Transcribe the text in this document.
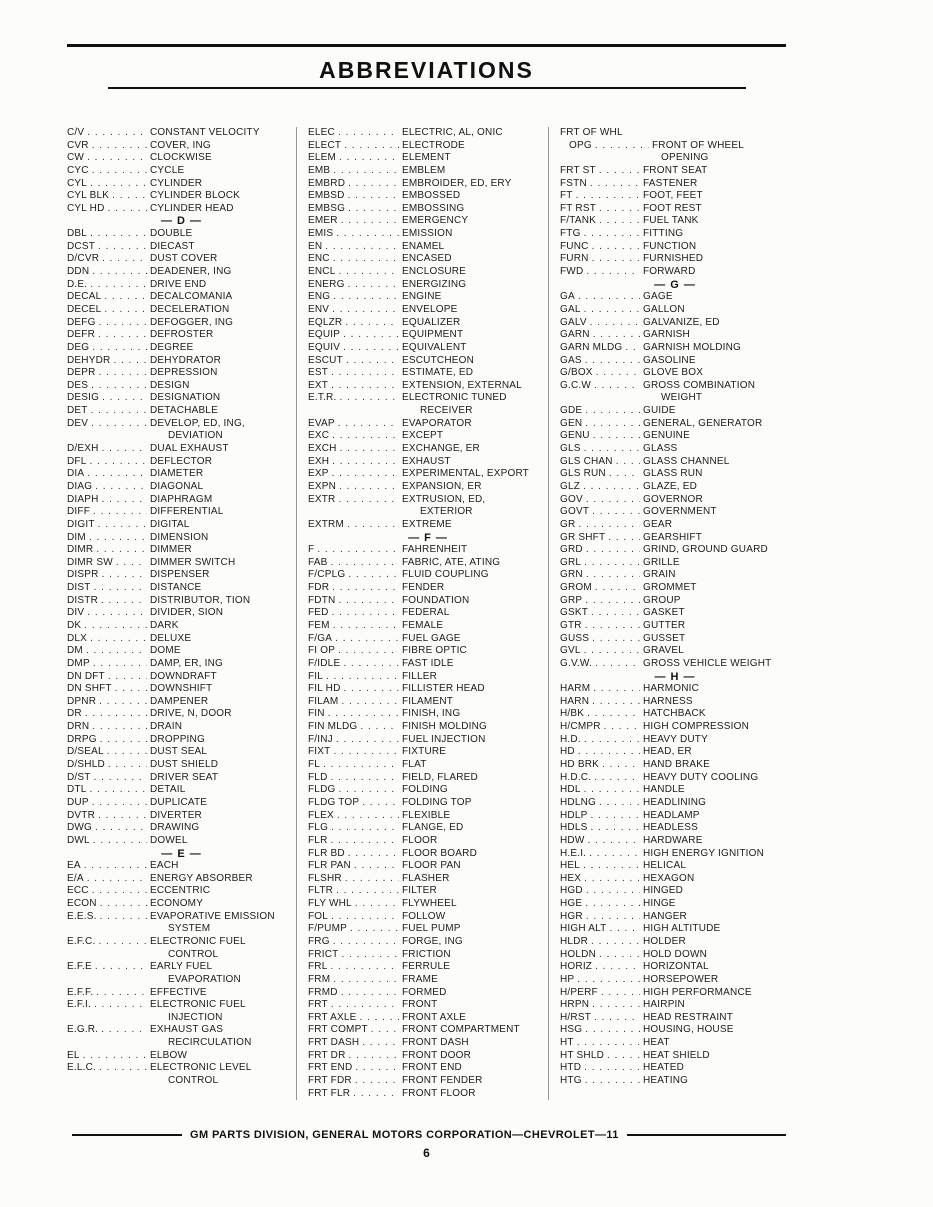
ABBREVIATIONS
C/V . . .	CONSTANT VELOCITY
CVR . . .	COVER, ING
CW . . .	CLOCKWISE
CYC . . .	CYCLE
CYL . . .	CYLINDER
CYL BLK . . .	CYLINDER BLOCK
CYL HD . . .	CYLINDER HEAD
— D —
DBL . . .	DOUBLE
DCST . . .	DIECAST
D/CVR . . .	DUST COVER
DDN . . .	DEADENER, ING
D.E. . . .	DRIVE END
DECAL . . .	DECALCOMANIA
DECEL . . .	DECELERATION
DEFG . . .	DEFOGGER, ING
DEFR . . .	DEFROSTER
DEG . . .	DEGREE
DEHYDR . . .	DEHYDRATOR
DEPR . . .	DEPRESSION
DES . . .	DESIGN
DESIG . . .	DESIGNATION
DET . . .	DETACHABLE
DEV . . .	DEVELOP, ED, ING,
DEVIATION
D/EXH . . .	DUAL EXHAUST
DFL . . .	DEFLECTOR
DIA . . .	DIAMETER
DIAG . . .	DIAGONAL
DIAPH . . .	DIAPHRAGM
DIFF . . .	DIFFERENTIAL
DIGIT . . .	DIGITAL
DIM . . .	DIMENSION
DIMR . . .	DIMMER
DIMR SW . . .	DIMMER SWITCH
DISPR . . .	DISPENSER
DIST . . .	DISTANCE
DISTR . . .	DISTRIBUTOR, TION
DIV . . .	DIVIDER, SION
DK . . .	DARK
DLX . . .	DELUXE
DM . . .	DOME
DMP . . .	DAMP, ER, ING
DN DFT . . .	DOWNDRAFT
DN SHFT . . .	DOWNSHIFT
DPNR . . .	DAMPENER
DR . . .	DRIVE, N, DOOR
DRN . . .	DRAIN
DRPG . . .	DROPPING
D/SEAL . . .	DUST SEAL
D/SHLD . . .	DUST SHIELD
D/ST . . .	DRIVER SEAT
DTL . . .	DETAIL
DUP . . .	DUPLICATE
DVTR . . .	DIVERTER
DWG . . .	DRAWING
DWL . . .	DOWEL
— E —
EA . . .	EACH
E/A . . .	ENERGY ABSORBER
ECC . . .	ECCENTRIC
ECON . . .	ECONOMY
E.E.S. . . .	EVAPORATIVE EMISSION
SYSTEM
E.F.C. . . .	ELECTRONIC FUEL
CONTROL
E.F.E . . .	EARLY FUEL
EVAPORATION
E.F.F. . . .	EFFECTIVE
E.F.I. . . .	ELECTRONIC FUEL
INJECTION
E.G.R. . . .	EXHAUST GAS
RECIRCULATION
EL . . .	ELBOW
E.L.C. . . .	ELECTRONIC LEVEL
CONTROL
ELEC . . .	ELECTRIC, AL, ONIC
ELECT . . .	ELECTRODE
ELEM . . .	ELEMENT
EMB . . .	EMBLEM
EMBRD . . .	EMBROIDER, ED, ERY
EMBSD . . .	EMBOSSED
EMBSG . . .	EMBOSSING
EMER . . .	EMERGENCY
EMIS . . .	EMISSION
EN . . .	ENAMEL
ENC . . .	ENCASED
ENCL . . .	ENCLOSURE
ENERG . . .	ENERGIZING
ENG . . .	ENGINE
ENV . . .	ENVELOPE
EQLZR . . .	EQUALIZER
EQUIP . . .	EQUIPMENT
EQUIV . . .	EQUIVALENT
ESCUT . . .	ESCUTCHEON
EST . . .	ESTIMATE, ED
EXT . . .	EXTENSION, EXTERNAL
E.T.R. . . .	ELECTRONIC TUNED
RECEIVER
EVAP . . .	EVAPORATOR
EXC . . .	EXCEPT
EXCH . . .	EXCHANGE, ER
EXH . . .	EXHAUST
EXP . . .	EXPERIMENTAL, EXPORT
EXPN . . .	EXPANSION, ER
EXTR . . .	EXTRUSION, ED,
EXTERIOR
EXTRM . . .	EXTREME
— F —
F . . .	FAHRENHEIT
FAB . . .	FABRIC, ATE, ATING
F/CPLG . . .	FLUID COUPLING
FDR . . .	FENDER
FDTN . . .	FOUNDATION
FED . . .	FEDERAL
FEM . . .	FEMALE
F/GA . . .	FUEL GAGE
FI OP . . .	FIBRE OPTIC
F/IDLE . . .	FAST IDLE
FIL . . .	FILLER
FIL HD . . .	FILLISTER HEAD
FILAM . . .	FILAMENT
FIN . . .	FINISH, ING
FIN MLDG . . .	FINISH MOLDING
F/INJ . . .	FUEL INJECTION
FIXT . . .	FIXTURE
FL . . .	FLAT
FLD . . .	FIELD, FLARED
FLDG . . .	FOLDING
FLDG TOP . . .	FOLDING TOP
FLEX . . .	FLEXIBLE
FLG . . .	FLANGE, ED
FLR . . .	FLOOR
FLR BD . . .	FLOOR BOARD
FLR PAN . . .	FLOOR PAN
FLSHR . . .	FLASHER
FLTR . . .	FILTER
FLY WHL . . .	FLYWHEEL
FOL . . .	FOLLOW
F/PUMP . . .	FUEL PUMP
FRG . . .	FORGE, ING
FRICT . . .	FRICTION
FRL . . .	FERRULE
FRM . . .	FRAME
FRMD . . .	FORMED
FRT . . .	FRONT
FRT AXLE . . .	FRONT AXLE
FRT COMPT . . .	FRONT COMPARTMENT
FRT DASH . . .	FRONT DASH
FRT DR . . .	FRONT DOOR
FRT END . . .	FRONT END
FRT FDR . . .	FRONT FENDER
FRT FLR . . .	FRONT FLOOR
FRT OF WHL
OPG . . .	FRONT OF WHEEL
OPENING
FRT ST . . .	FRONT SEAT
FSTN . . .	FASTENER
FT . . .	FOOT, FEET
FT RST . . .	FOOT REST
F/TANK . . .	FUEL TANK
FTG . . .	FITTING
FUNC . . .	FUNCTION
FURN . . .	FURNISHED
FWD . . .	FORWARD
— G —
GA . . .	GAGE
GAL . . .	GALLON
GALV . . .	GALVANIZE, ED
GARN . . .	GARNISH
GARN MLDG . . . GARNISH MOLDING
GAS . . .	GASOLINE
G/BOX . . .	GLOVE BOX
G.C.W . . .	GROSS COMBINATION
WEIGHT
GDE . . .	GUIDE
GEN . . .	GENERAL, GENERATOR
GENU . . .	GENUINE
GLS . . .	GLASS
GLS CHAN . . .	GLASS CHANNEL
GLS RUN . . .	GLASS RUN
GLZ . . .	GLAZE, ED
GOV . . .	GOVERNOR
GOVT . . .	GOVERNMENT
GR . . .	GEAR
GR SHFT . . .	GEARSHIFT
GRD . . .	GRIND, GROUND GUARD
GRL . . .	GRILLE
GRN . . .	GRAIN
GROM . . .	GROMMET
GRP . . .	GROUP
GSKT . . .	GASKET
GTR . . .	GUTTER
GUSS . . .	GUSSET
GVL . . .	GRAVEL
G.V.W. . . .	GROSS VEHICLE WEIGHT
— H —
HARM . . .	HARMONIC
HARN . . .	HARNESS
H/BK . . .	HATCHBACK
H/CMPR . . .	HIGH COMPRESSION
H.D. . . .	HEAVY DUTY
HD . . .	HEAD, ER
HD BRK . . .	HAND BRAKE
H.D.C. . . .	HEAVY DUTY COOLING
HDL . . .	HANDLE
HDLNG . . .	HEADLINING
HDLP . . .	HEADLAMP
HDLS . . .	HEADLESS
HDW . . .	HARDWARE
H.E.I. . . .	HIGH ENERGY IGNITION
HEL . . .	HELICAL
HEX . . .	HEXAGON
HGD . . .	HINGED
HGE . . .	HINGE
HGR . . .	HANGER
HIGH ALT . . .	HIGH ALTITUDE
HLDR . . .	HOLDER
HOLDN . . .	HOLD DOWN
HORIZ . . .	HORIZONTAL
HP . . .	HORSEPOWER
H/PERF . . .	HIGH PERFORMANCE
HRPN . . .	HAIRPIN
H/RST . . .	HEAD RESTRAINT
HSG . . .	HOUSING, HOUSE
HT . . .	HEAT
HT SHLD . . .	HEAT SHIELD
HTD . . .	HEATED
HTG . . .	HEATING
GM PARTS DIVISION, GENERAL MOTORS CORPORATION—CHEVROLET—11
6
